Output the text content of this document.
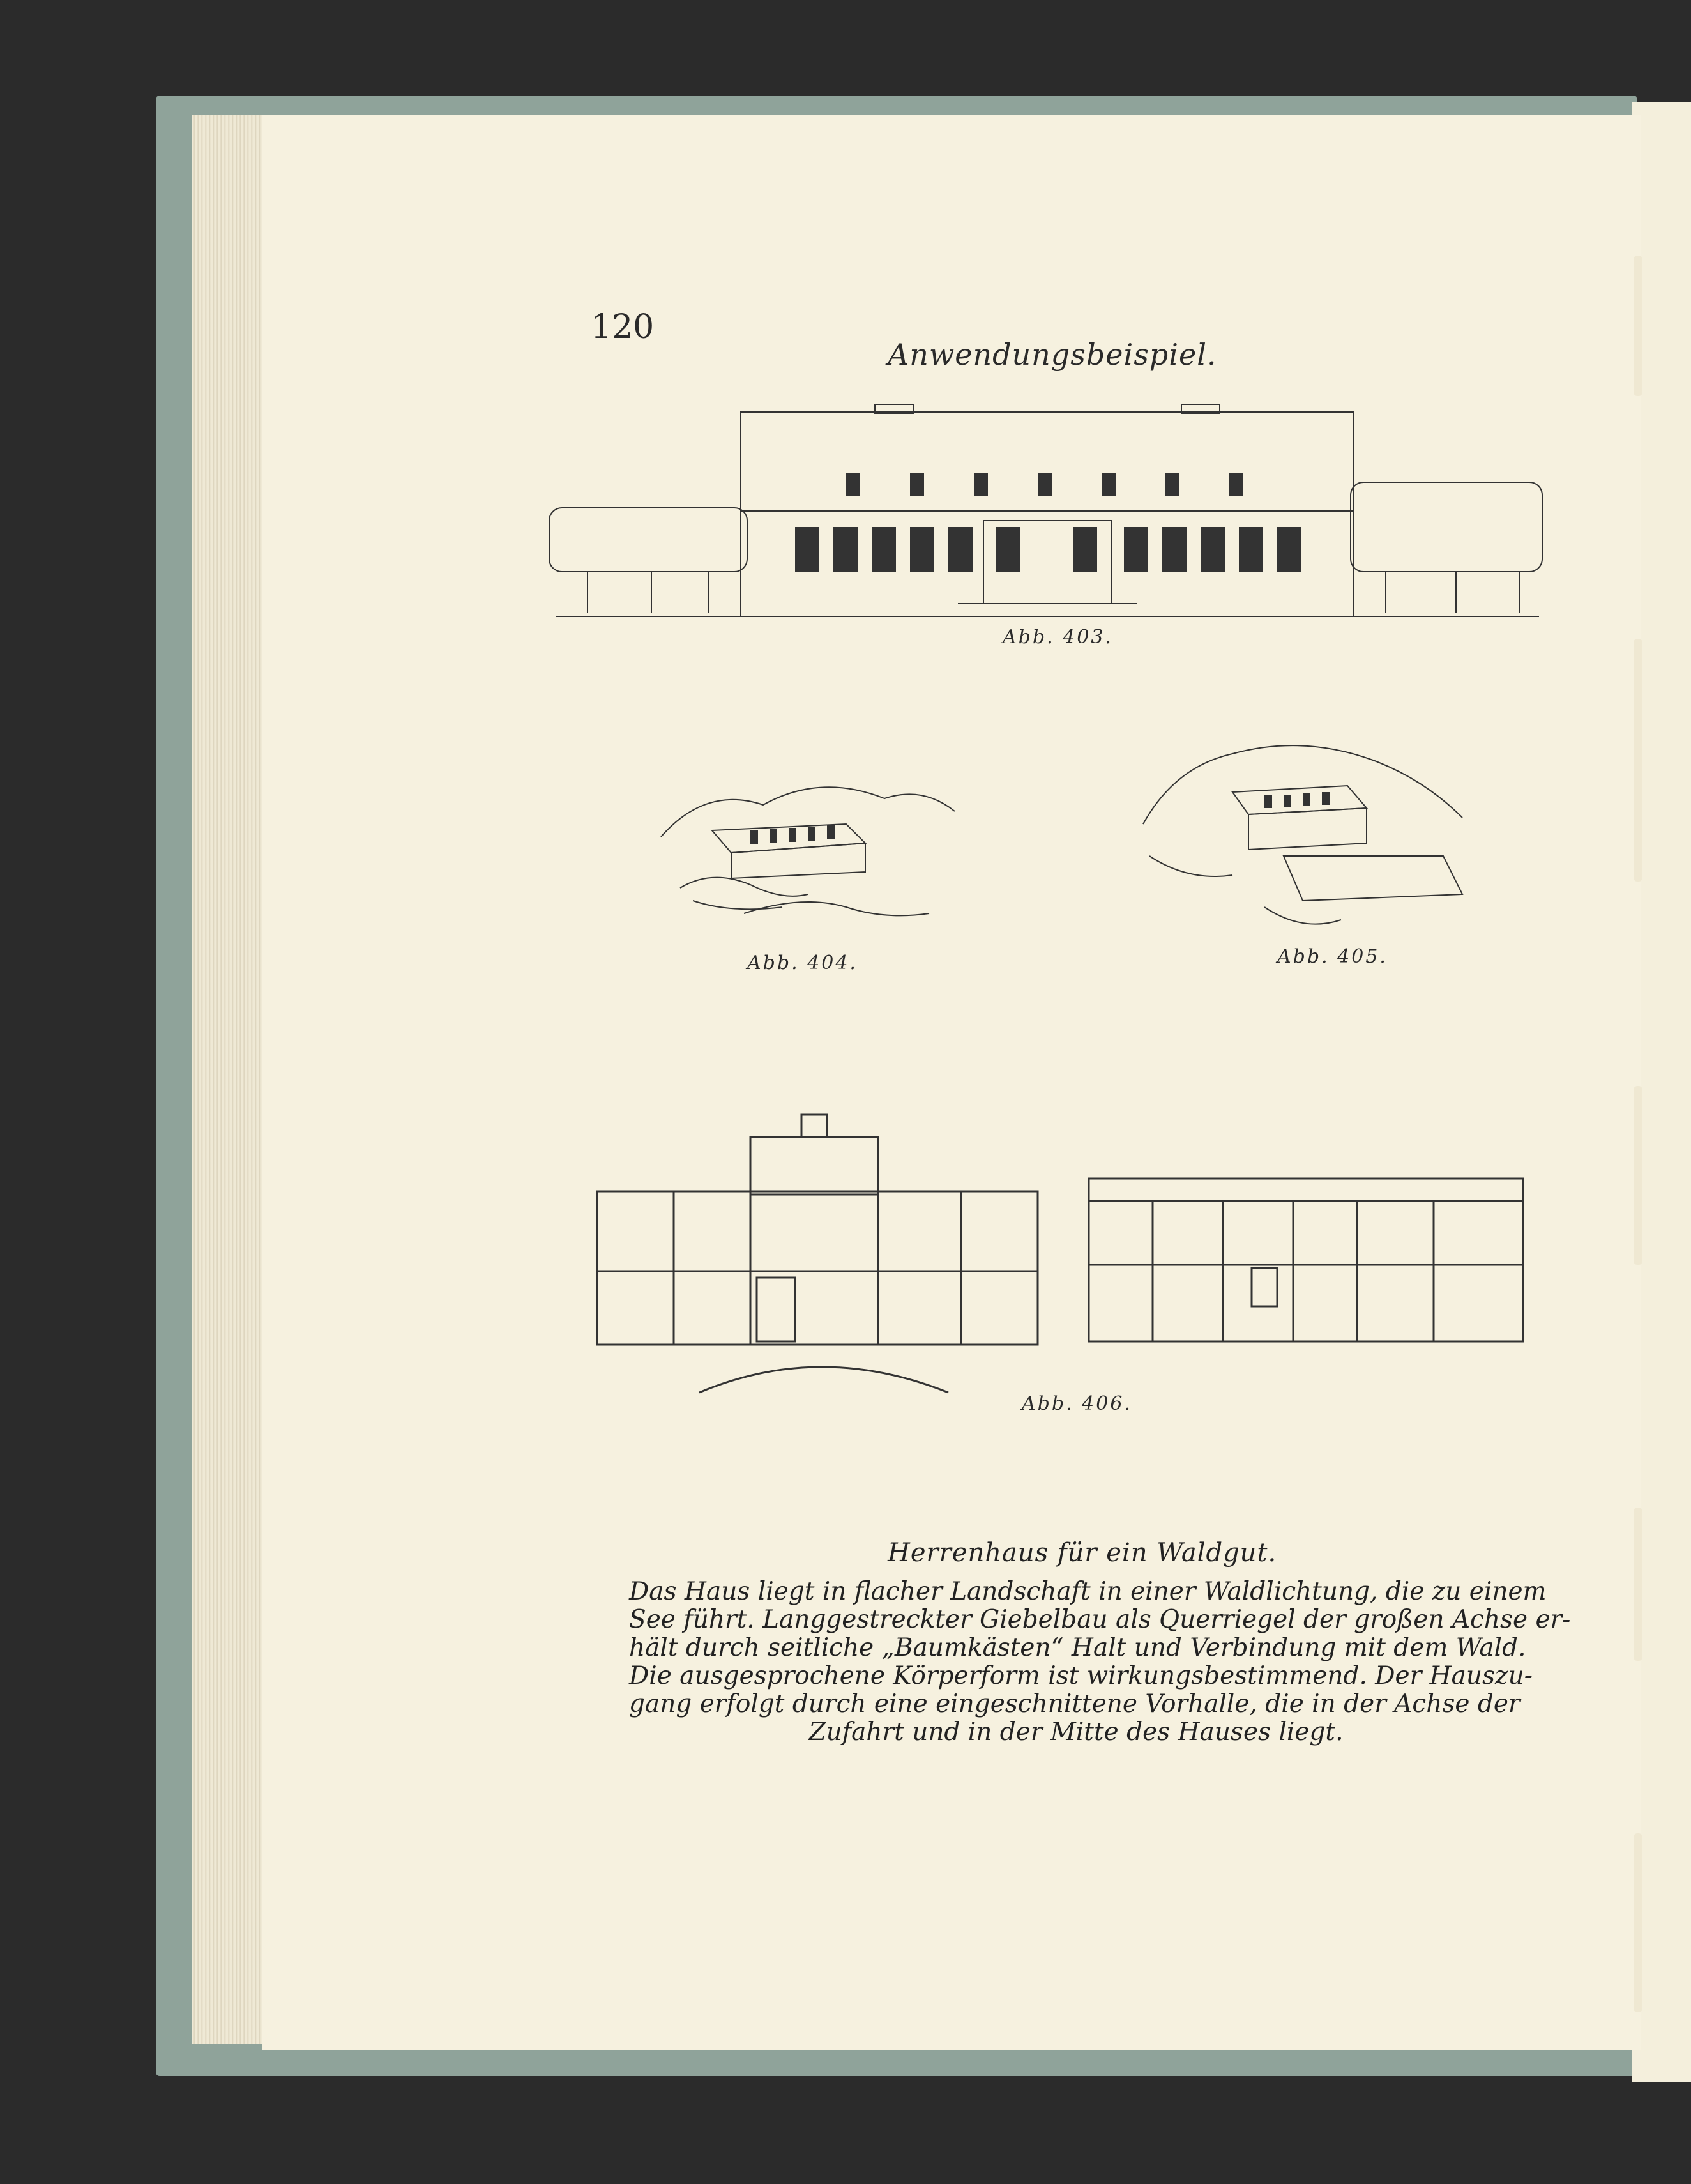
120
Anwendungsbeispiel.
Abb. 403.
Abb. 404.	Abb. 405.
Abb. 406.
Herrenhaus für ein Waldgut.
Das Haus liegt in flacher Landschaft in einer Waldlichtung, die zu einem
See führt. Langgestreckter Giebelbau als Querriegel der großen Achse er-
hält durch seitliche „Baumkästen“ Halt und Verbindung mit dem Wald.
Die ausgesprochene Körperform ist wirkungsbestimmend. Der Hauszu-
gang erfolgt durch eine eingeschnittene Vorhalle, die in der Achse der
Zufahrt und in der Mitte des Hauses liegt.
